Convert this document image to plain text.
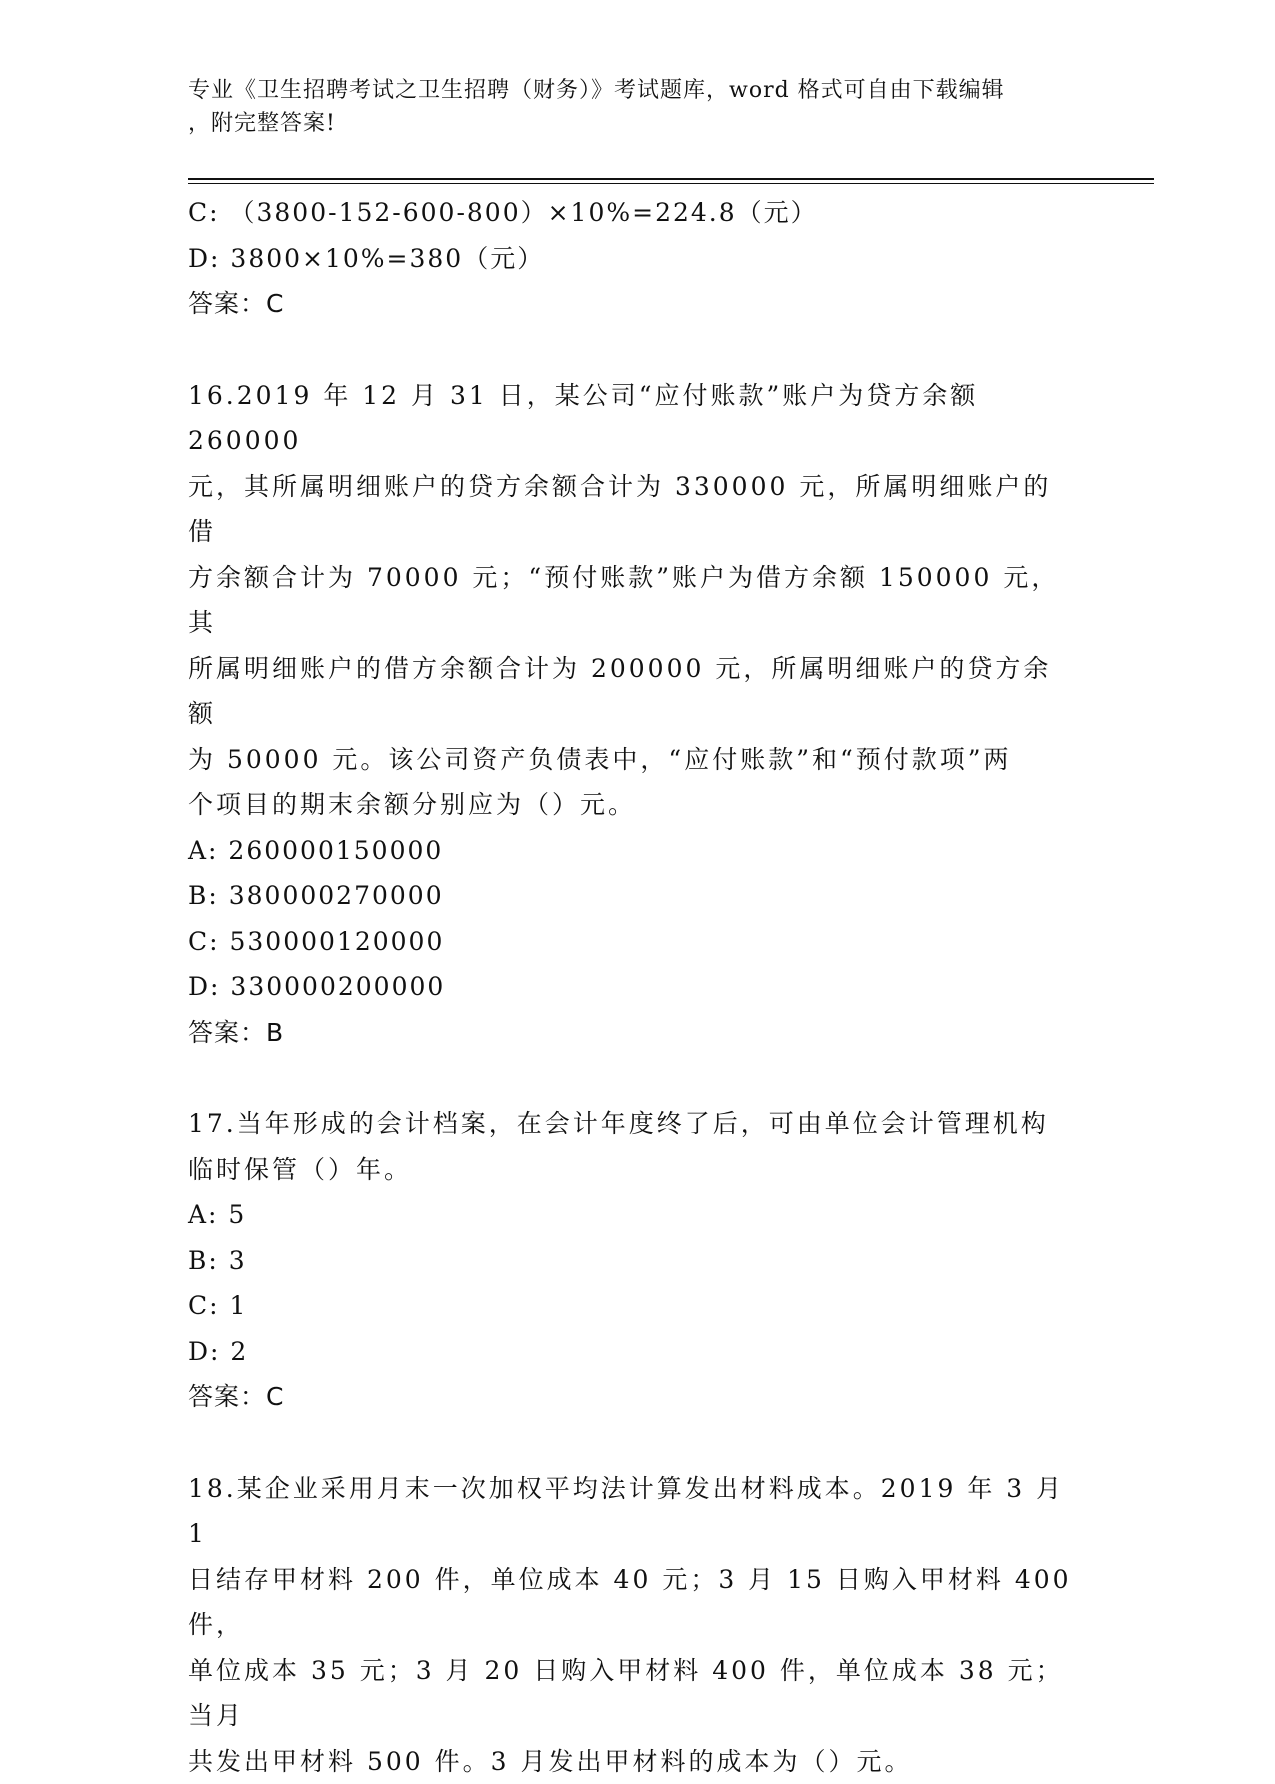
专业《卫生招聘考试之卫生招聘（财务）》考试题库，word 格式可自由下载编辑
，附完整答案!
C: （3800-152-600-800）×10%=224.8（元）
D: 3800×10%=380（元）
答案：C
16.2019 年 12 月 31 日，某公司“应付账款”账户为贷方余额 260000
元，其所属明细账户的贷方余额合计为 330000 元，所属明细账户的借
方余额合计为 70000 元；“预付账款”账户为借方余额 150000 元，其
所属明细账户的借方余额合计为 200000 元，所属明细账户的贷方余额
为 50000 元。该公司资产负债表中，“应付账款”和“预付款项”两
个项目的期末余额分别应为（）元。
A: 260000150000
B: 380000270000
C: 530000120000
D: 330000200000
答案：B
17.当年形成的会计档案，在会计年度终了后，可由单位会计管理机构
临时保管（）年。
A: 5
B: 3
C: 1
D: 2
答案：C
18.某企业采用月末一次加权平均法计算发出材料成本。2019 年 3 月 1
日结存甲材料 200 件，单位成本 40 元；3 月 15 日购入甲材料 400 件，
单位成本 35 元；3 月 20 日购入甲材料 400 件，单位成本 38 元；当月
共发出甲材料 500 件。3 月发出甲材料的成本为（）元。
